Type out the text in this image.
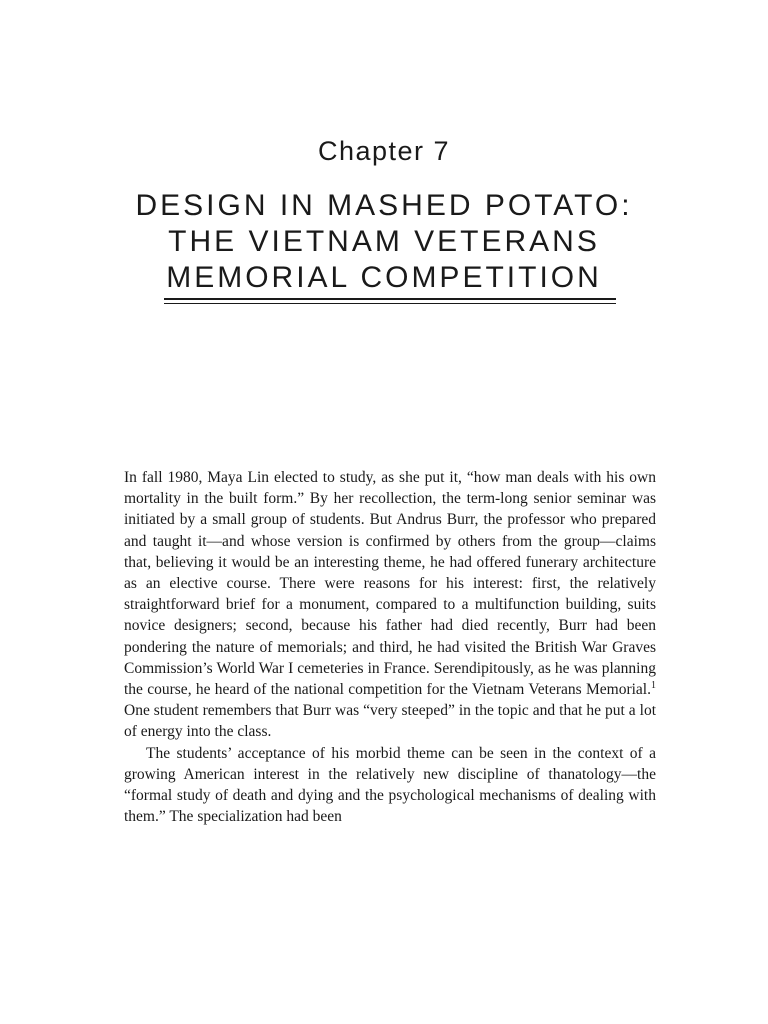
Chapter 7
DESIGN IN MASHED POTATO:
THE VIETNAM VETERANS
MEMORIAL COMPETITION

In fall 1980, Maya Lin elected to study, as she put it, “how man deals with his own mortality in the built form.” By her recollection, the term-long senior seminar was initiated by a small group of students. But Andrus Burr, the professor who prepared and taught it—and whose version is confirmed by others from the group—claims that, believing it would be an interesting theme, he had offered funerary architecture as an elective course. There were reasons for his interest: first, the relatively straightforward brief for a monument, compared to a multifunction building, suits novice designers; second, because his father had died recently, Burr had been pondering the nature of memorials; and third, he had visited the British War Graves Commission’s World War I cemeteries in France. Serendipitously, as he was planning the course, he heard of the national competition for the Vietnam Veterans Memorial.$^1$ One student remembers that Burr was “very steeped” in the topic and that he put a lot of energy into the class.

The students’ acceptance of his morbid theme can be seen in the context of a growing American interest in the relatively new discipline of thanatology—the “formal study of death and dying and the psychological mechanisms of dealing with them.” The specialization had been
